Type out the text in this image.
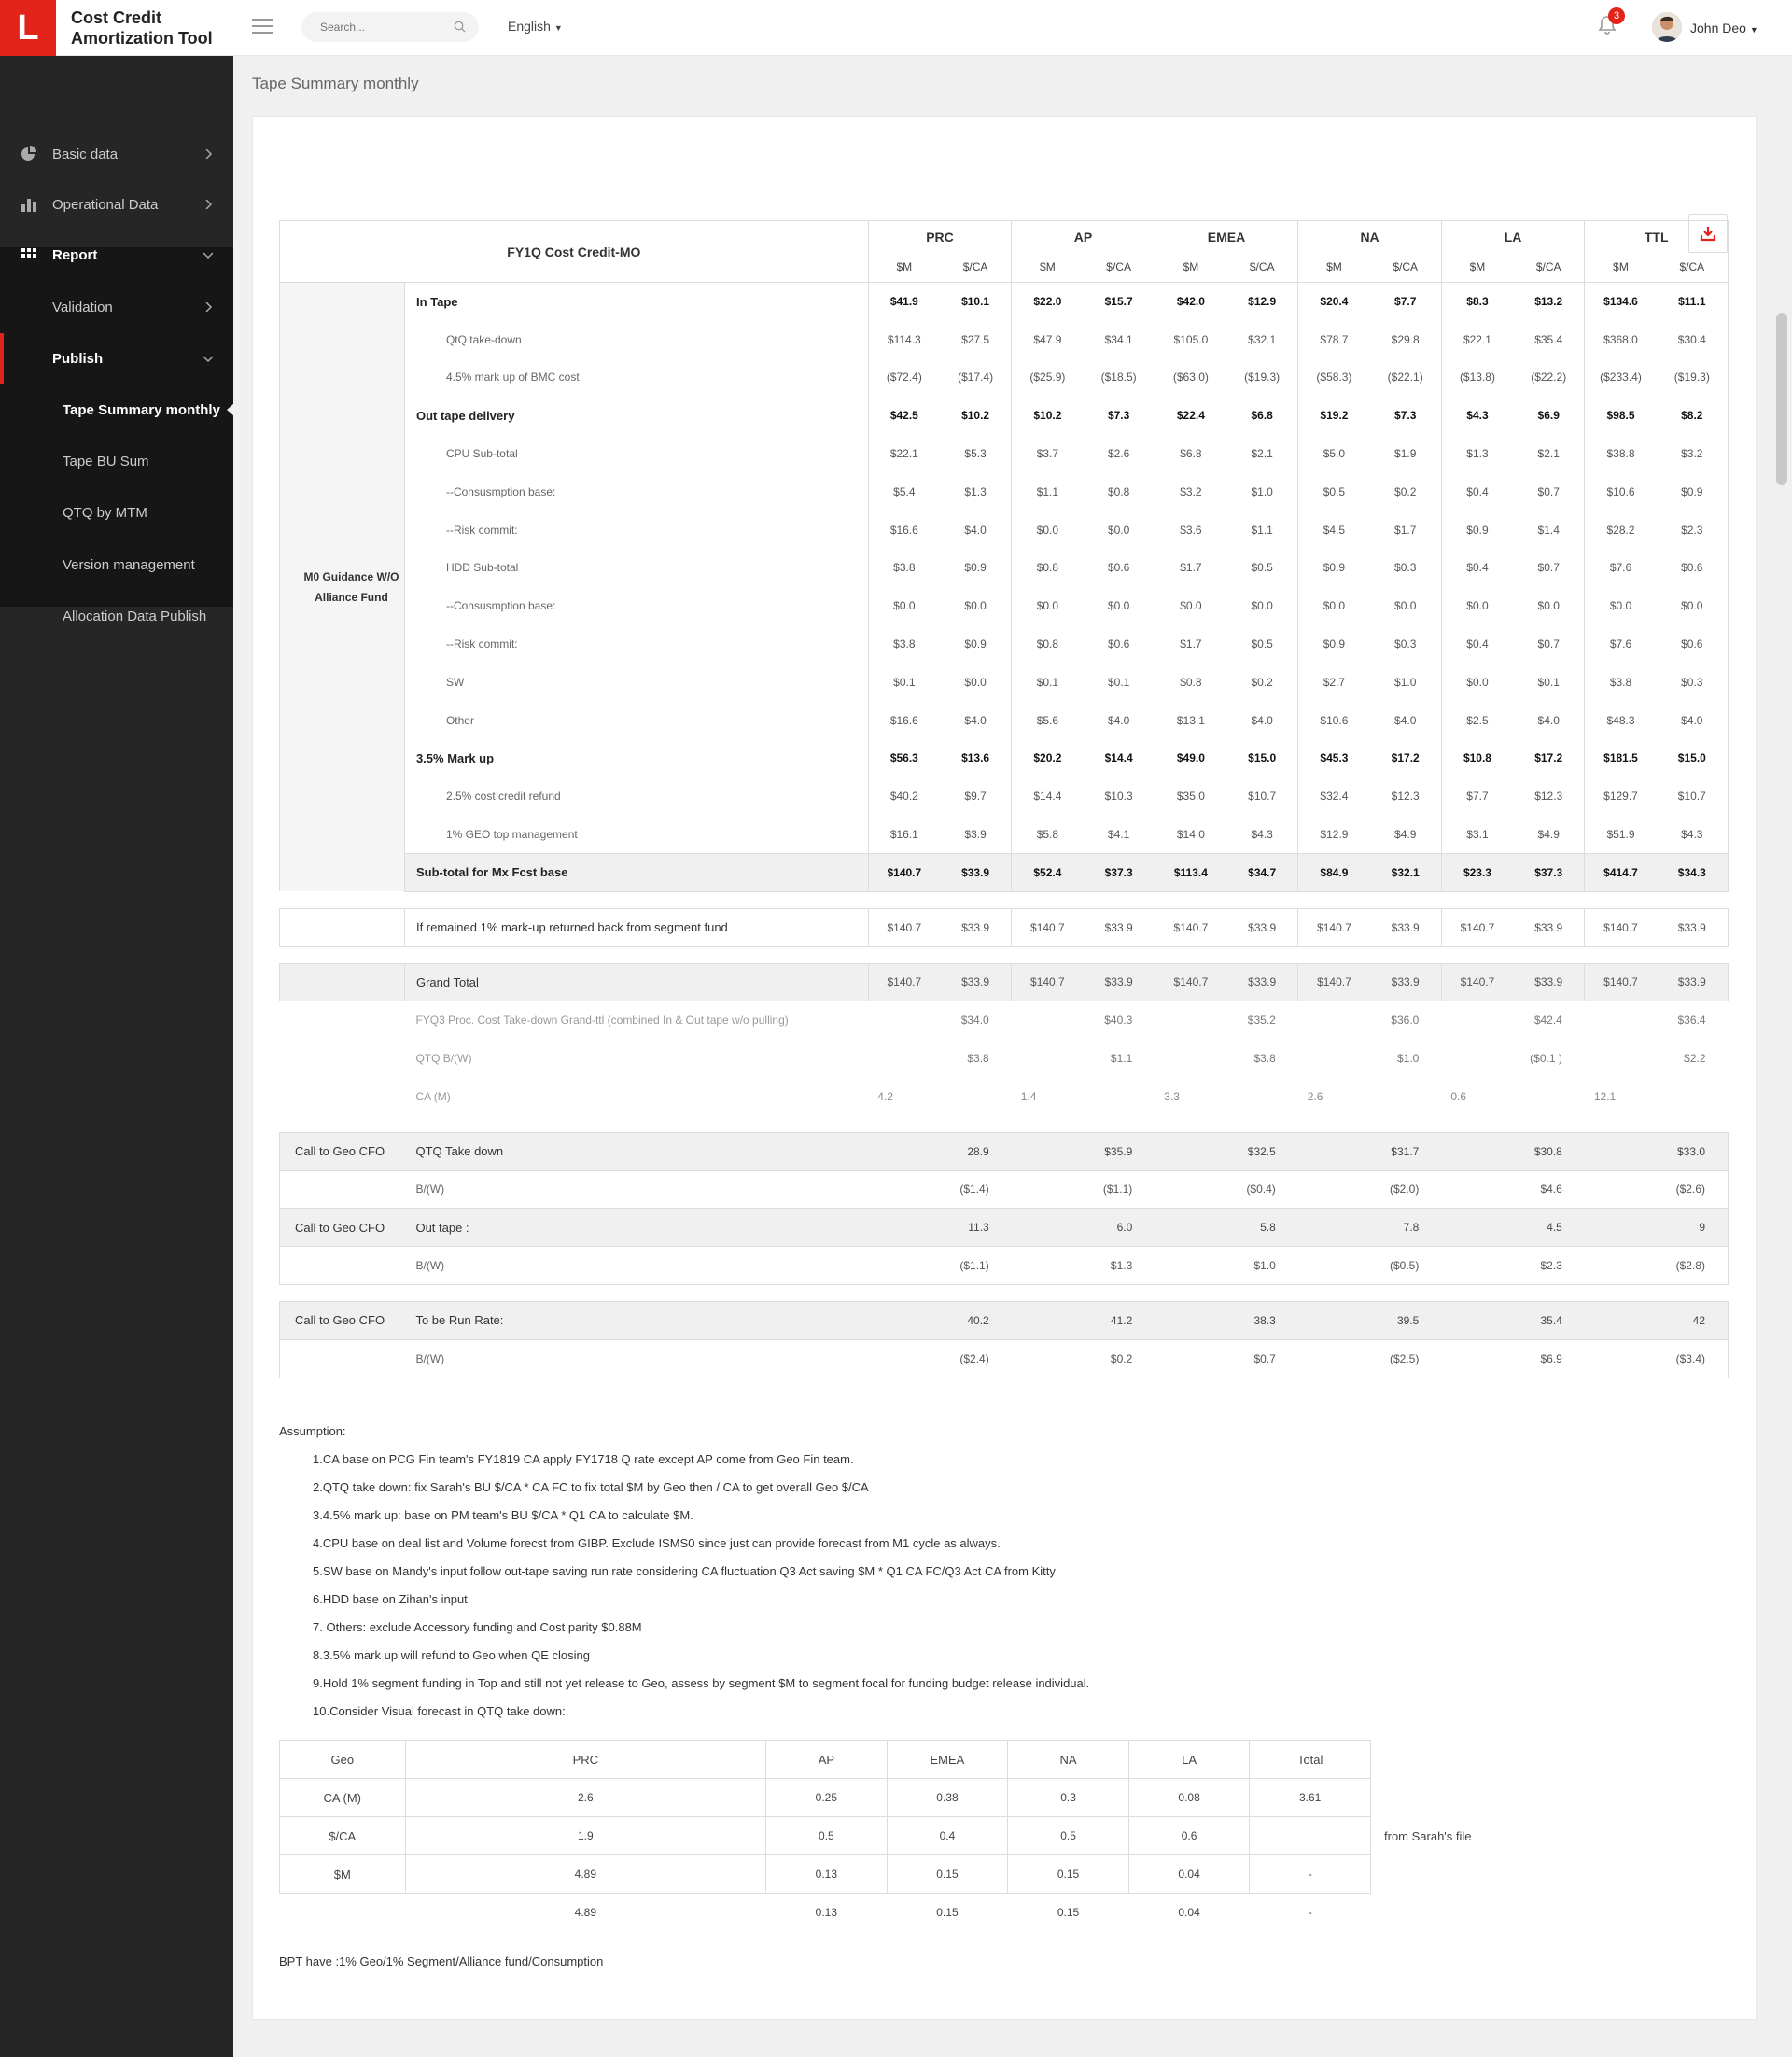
L	Cost Credit
Amortization Tool
Search...
English ▼
3
John Deo ▼
Basic data
Operational Data
Report
Validation
Publish
Tape Summary monthly
Tape BU Sum
QTQ by MTM
Version management
Allocation Data Publish
Tape Summary monthly
FY1Q Cost Credit-MO		PRC		AP		EMEA		NA		LA		TTL	
		$M	$/CA	$M	$/CA	$M	$/CA	$M	$/CA	$M	$/CA	$M	$/CA
M0 Guidance W/O Alliance Fund	In Tape	$41.9	$10.1	$22.0	$15.7	$42.0	$12.9	$20.4	$7.7	$8.3	$13.2	$134.6	$11.1
	QtQ take-down	$114.3	$27.5	$47.9	$34.1	$105.0	$32.1	$78.7	$29.8	$22.1	$35.4	$368.0	$30.4
	4.5% mark up of BMC cost	($72.4)	($17.4)	($25.9)	($18.5)	($63.0)	($19.3)	($58.3)	($22.1)	($13.8)	($22.2)	($233.4)	($19.3)
	Out tape delivery	$42.5	$10.2	$10.2	$7.3	$22.4	$6.8	$19.2	$7.3	$4.3	$6.9	$98.5	$8.2
	CPU Sub-total	$22.1	$5.3	$3.7	$2.6	$6.8	$2.1	$5.0	$1.9	$1.3	$2.1	$38.8	$3.2
	--Consusmption base:	$5.4	$1.3	$1.1	$0.8	$3.2	$1.0	$0.5	$0.2	$0.4	$0.7	$10.6	$0.9
	--Risk commit:	$16.6	$4.0	$0.0	$0.0	$3.6	$1.1	$4.5	$1.7	$0.9	$1.4	$28.2	$2.3
	HDD Sub-total	$3.8	$0.9	$0.8	$0.6	$1.7	$0.5	$0.9	$0.3	$0.4	$0.7	$7.6	$0.6
	--Consusmption base:	$0.0	$0.0	$0.0	$0.0	$0.0	$0.0	$0.0	$0.0	$0.0	$0.0	$0.0	$0.0
	--Risk commit:	$3.8	$0.9	$0.8	$0.6	$1.7	$0.5	$0.9	$0.3	$0.4	$0.7	$7.6	$0.6
	SW	$0.1	$0.0	$0.1	$0.1	$0.8	$0.2	$2.7	$1.0	$0.0	$0.1	$3.8	$0.3
	Other	$16.6	$4.0	$5.6	$4.0	$13.1	$4.0	$10.6	$4.0	$2.5	$4.0	$48.3	$4.0
	3.5% Mark up	$56.3	$13.6	$20.2	$14.4	$49.0	$15.0	$45.3	$17.2	$10.8	$17.2	$181.5	$15.0
	2.5% cost credit refund	$40.2	$9.7	$14.4	$10.3	$35.0	$10.7	$32.4	$12.3	$7.7	$12.3	$129.7	$10.7
	1% GEO top management	$16.1	$3.9	$5.8	$4.1	$14.0	$4.3	$12.9	$4.9	$3.1	$4.9	$51.9	$4.3
	Sub-total for Mx Fcst base	$140.7	$33.9	$52.4	$37.3	$113.4	$34.7	$84.9	$32.1	$23.3	$37.3	$414.7	$34.3

	If remained 1% mark-up returned back from segment fund	$140.7	$33.9	$140.7	$33.9	$140.7	$33.9	$140.7	$33.9	$140.7	$33.9	$140.7	$33.9

	Grand Total	$140.7	$33.9	$140.7	$33.9	$140.7	$33.9	$140.7	$33.9	$140.7	$33.9	$140.7	$33.9
	FYQ3 Proc. Cost Take-down Grand-ttl (combined In & Out tape w/o pulling)	$34.0		$40.3		$35.2		$36.0		$42.4		$36.4	
	QTQ B/(W)	$3.8		$1.1		$3.8		$1.0		($0.1 )		$2.2	
	CA (M)	4.2		1.4		3.3		2.6		0.6		12.1	

Call to Geo CFO	QTQ Take down	28.9		$35.9		$32.5		$31.7		$30.8		$33.0	
	B/(W)	($1.4)		($1.1)		($0.4)		($2.0)		$4.6		($2.6)	
Call to Geo CFO	Out tape :	11.3		6.0		5.8		7.8		4.5		9	
	B/(W)	($1.1)		$1.3		$1.0		($0.5)		$2.3		($2.8)	

Call to Geo CFO	To be Run Rate:	40.2		41.2		38.3		39.5		35.4		42	
	B/(W)	($2.4)		$0.2		$0.7		($2.5)		$6.9		($3.4)	
Assumption:
1.CA base on PCG Fin team's FY1819 CA apply FY1718 Q rate except AP come from Geo Fin team.
2.QTQ take down: fix Sarah's BU $/CA * CA FC to fix total $M by Geo then / CA to get overall Geo $/CA
3.4.5% mark up: base on PM team's BU $/CA * Q1 CA to calculate $M.
4.CPU base on deal list and Volume forecst from GIBP. Exclude ISMS0 since just can provide forecast from M1 cycle as always.
5.SW base on Mandy's input follow out-tape saving run rate considering CA fluctuation Q3 Act saving $M * Q1 CA FC/Q3 Act CA from Kitty
6.HDD base on Zihan's input
7. Others: exclude Accessory funding and Cost parity $0.88M
8.3.5% mark up will refund to Geo when QE closing
9.Hold 1% segment funding in Top and still not yet release to Geo, assess by segment $M to segment focal for funding budget release individual.
10.Consider Visual forecast in QTQ take down:
Geo	PRC	AP	EMEA	NA	LA	Total
CA (M)	2.6	0.25	0.38	0.3	0.08	3.61
$/CA	1.9	0.5	0.4	0.5	0.6	
$M	4.89	0.13	0.15	0.15	0.04	-
	4.89	0.13	0.15	0.15	0.04	-
from Sarah's file
BPT have :1% Geo/1% Segment/Alliance fund/Consumption
